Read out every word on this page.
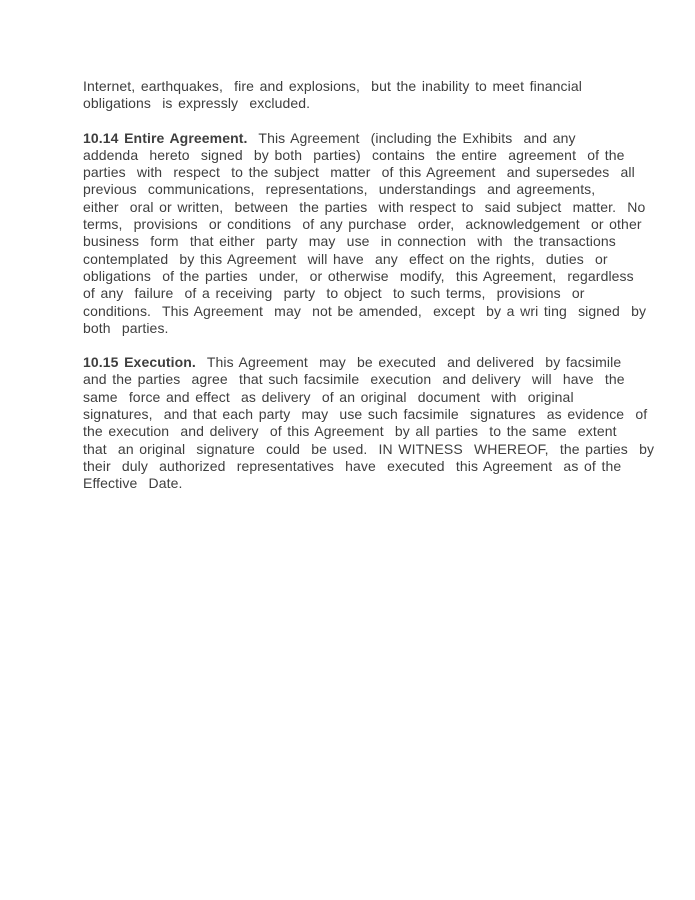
Internet, earthquakes,  fire and explosions,  but the inability to meet financial
obligations  is expressly  excluded.
10.14 Entire Agreement.  This Agreement  (including the Exhibits  and any
addenda  hereto  signed  by both  parties)  contains  the entire  agreement  of the
parties  with  respect  to the subject  matter  of this Agreement  and supersedes  all
previous  communications,  representations,  understandings  and agreements,
either  oral or written,  between  the parties  with respect to  said subject  matter.  No
terms,  provisions  or conditions  of any purchase  order,  acknowledgement  or other
business  form  that either  party  may  use  in connection  with  the transactions
contemplated  by this Agreement  will have  any  effect on the rights,  duties  or
obligations  of the parties  under,  or otherwise  modify,  this Agreement,  regardless
of any  failure  of a receiving  party  to object  to such terms,  provisions  or
conditions.  This Agreement  may  not be amended,  except  by a wri ting  signed  by
both  parties.
10.15 Execution.  This Agreement  may  be executed  and delivered  by facsimile
and the parties  agree  that such facsimile  execution  and delivery  will  have  the
same  force and effect  as delivery  of an original  document  with  original
signatures,  and that each party  may  use such facsimile  signatures  as evidence  of
the execution  and delivery  of this Agreement  by all parties  to the same  extent
that  an original  signature  could  be used.  IN WITNESS  WHEREOF,  the parties  by
their  duly  authorized  representatives  have  executed  this Agreement  as of the
Effective  Date.
